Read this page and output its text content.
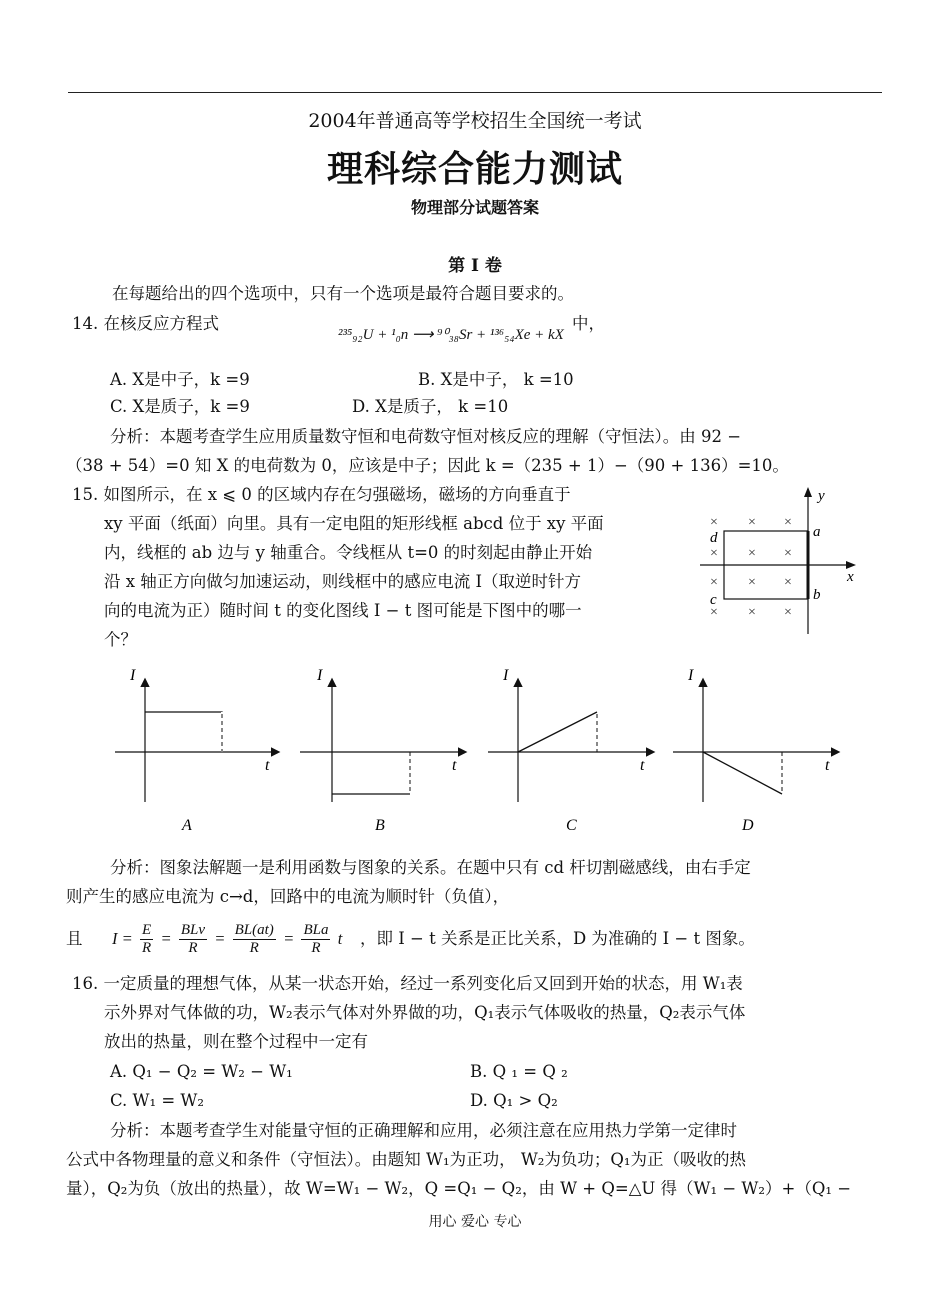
2004年普通高等学校招生全国统一考试
理科综合能力测试
物理部分试题答案
第 I 卷
在每题给出的四个选项中，只有一个选项是最符合题目要求的。
14. 在核反应方程式
²³⁵₉₂U + ¹₀n ⟶ ⁹⁰₃₈Sr + ¹³⁶₅₄Xe + kX
中，
A. X是中子，k =9	B. X是中子， k =10
C. X是质子，k =9	D. X是质子， k =10
分析：本题考查学生应用质量数守恒和电荷数守恒对核反应的理解（守恒法）。由 92 −
（38 + 54）=0 知 X 的电荷数为 0，应该是中子；因此 k =（235 + 1）−（90 + 136）=10。
15. 如图所示，在 x ⩽ 0 的区域内存在匀强磁场，磁场的方向垂直于
xy 平面（纸面）向里。具有一定电阻的矩形线框 abcd 位于 xy 平面
内，线框的 ab 边与 y 轴重合。令线框从 t=0 的时刻起由静止开始
沿 x 轴正方向做匀加速运动，则线框中的感应电流 I（取逆时针方
向的电流为正）随时间 t 的变化图线 I − t 图可能是下图中的哪一
个？
y
x
a
b
c
d
× × ×
× × ×
× × ×
× × ×
I
t
A
I
t
B
I
t
C
I
t
D
分析：图象法解题一是利用函数与图象的关系。在题中只有 cd 杆切割磁感线，由右手定
则产生的感应电流为 c→d，回路中的电流为顺时针（负值），
且 $I = \frac{E}{R} = \frac{\text{BLv}}{R} = \frac{BL(at)}{R} = \frac{\text{BLa}}{R}$ t ，即 I − t 关系是正比关系，D 为准确的 I − t 图象。
16. 一定质量的理想气体，从某一状态开始，经过一系列变化后又回到开始的状态，用 W₁表
示外界对气体做的功，W₂表示气体对外界做的功，Q₁表示气体吸收的热量，Q₂表示气体
放出的热量，则在整个过程中一定有
A. Q₁ − Q₂ = W₂ − W₁	B. Q ₁ = Q ₂
C. W₁ = W₂	D. Q₁ > Q₂
分析：本题考查学生对能量守恒的正确理解和应用，必须注意在应用热力学第一定律时
公式中各物理量的意义和条件（守恒法）。由题知 W₁为正功， W₂为负功；Q₁为正（吸收的热
量），Q₂为负（放出的热量），故 W=W₁ − W₂，Q =Q₁ − Q₂，由 W + Q=△U 得（W₁ − W₂）+（Q₁ −
用心 爱心 专心
